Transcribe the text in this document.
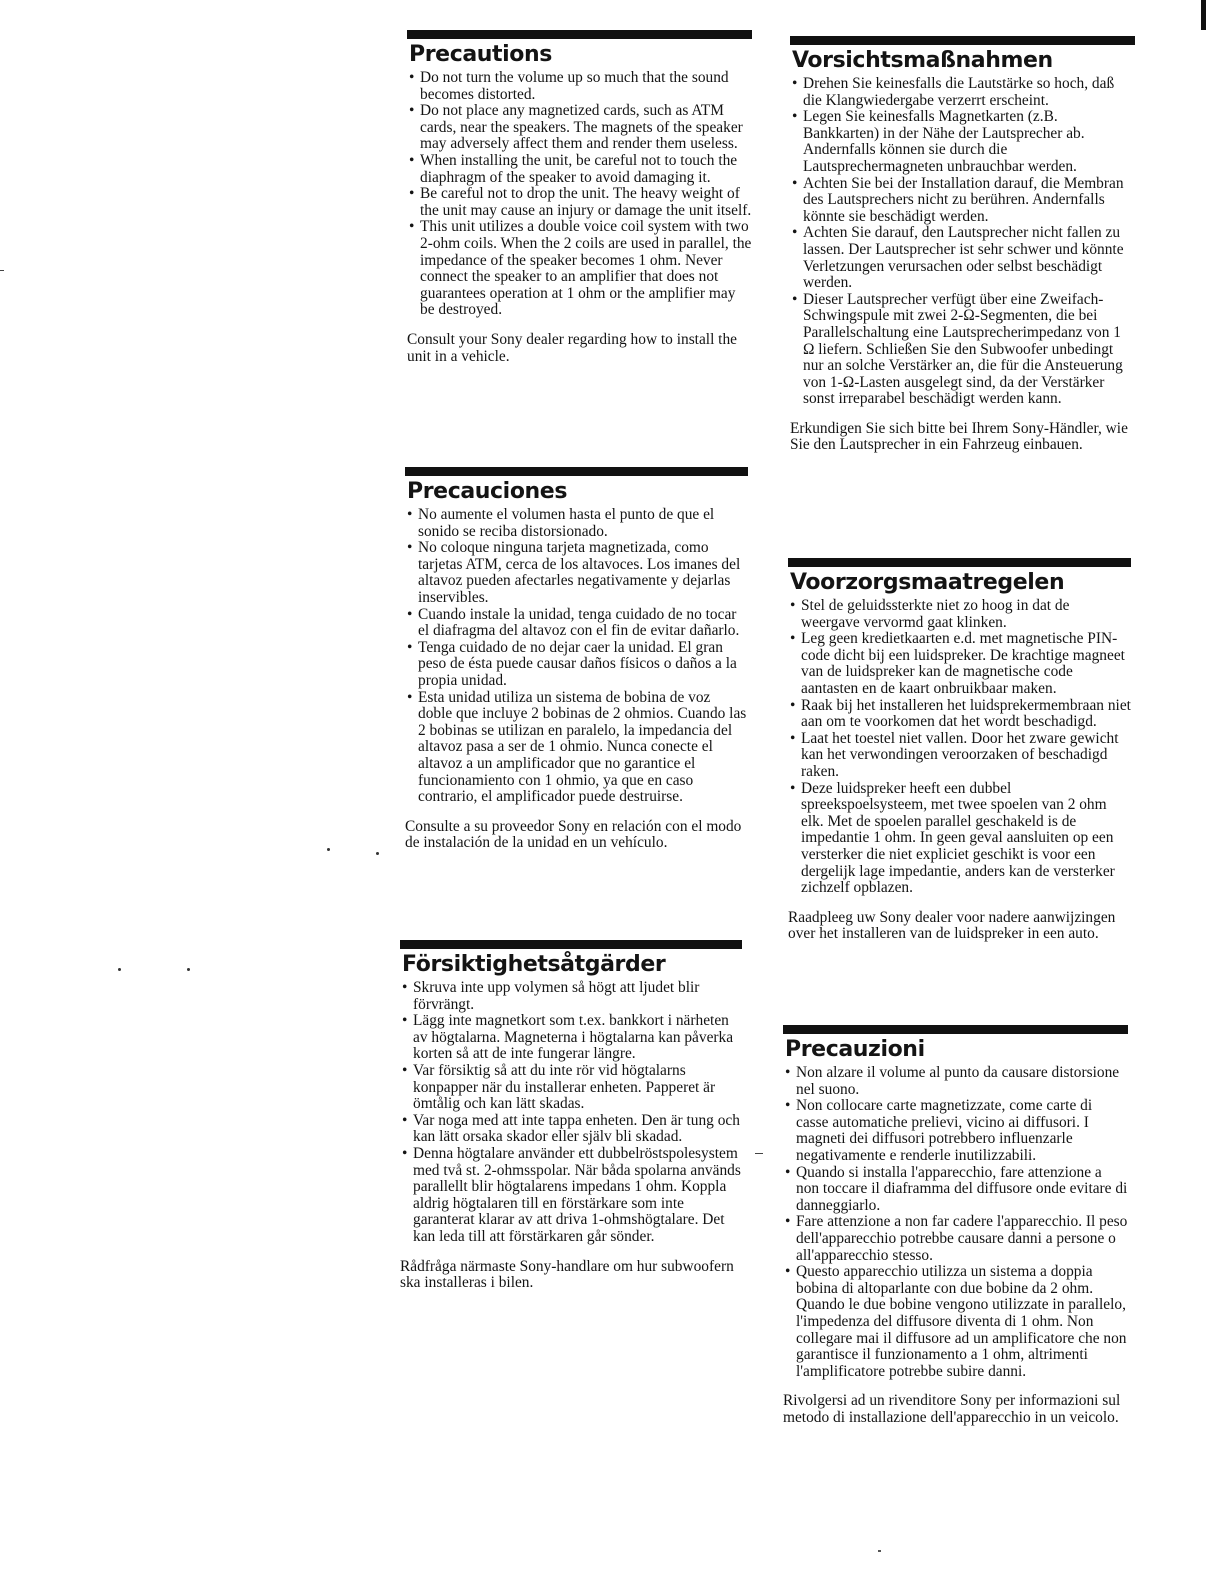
Precautions
• Do not turn the volume up so much that the sound becomes distorted.
• Do not place any magnetized cards, such as ATM cards, near the speakers. The magnets of the speaker may adversely affect them and render them useless.
• When installing the unit, be careful not to touch the diaphragm of the speaker to avoid damaging it.
• Be careful not to drop the unit. The heavy weight of the unit may cause an injury or damage the unit itself.
• This unit utilizes a double voice coil system with two 2-ohm coils. When the 2 coils are used in parallel, the impedance of the speaker becomes 1 ohm. Never connect the speaker to an amplifier that does not guarantees operation at 1 ohm or the amplifier may be destroyed.

Consult your Sony dealer regarding how to install the unit in a vehicle.

Precauciones
• No aumente el volumen hasta el punto de que el sonido se reciba distorsionado.
• No coloque ninguna tarjeta magnetizada, como tarjetas ATM, cerca de los altavoces. Los imanes del altavoz pueden afectarles negativamente y dejarlas inservibles.
• Cuando instale la unidad, tenga cuidado de no tocar el diafragma del altavoz con el fin de evitar dañarlo.
• Tenga cuidado de no dejar caer la unidad. El gran peso de ésta puede causar daños físicos o daños a la propia unidad.
• Esta unidad utiliza un sistema de bobina de voz doble que incluye 2 bobinas de 2 ohmios. Cuando las 2 bobinas se utilizan en paralelo, la impedancia del altavoz pasa a ser de 1 ohmio. Nunca conecte el altavoz a un amplificador que no garantice el funcionamiento con 1 ohmio, ya que en caso contrario, el amplificador puede destruirse.

Consulte a su proveedor Sony en relación con el modo de instalación de la unidad en un vehículo.

Försiktighetsåtgärder
• Skruva inte upp volymen så högt att ljudet blir förvrängt.
• Lägg inte magnetkort som t.ex. bankkort i närheten av högtalarna. Magneterna i högtalarna kan påverka korten så att de inte fungerar längre.
• Var försiktig så att du inte rör vid högtalarns konpapper när du installerar enheten. Papperet är ömtålig och kan lätt skadas.
• Var noga med att inte tappa enheten. Den är tung och kan lätt orsaka skador eller själv bli skadad.
• Denna högtalare använder ett dubbelröstspolesystem med två st. 2-ohmsspolar. När båda spolarna används parallellt blir högtalarens impedans 1 ohm. Koppla aldrig högtalaren till en förstärkare som inte garanterat klarar av att driva 1-ohmshögtalare. Det kan leda till att förstärkaren går sönder.

Rådfråga närmaste Sony-handlare om hur subwoofern ska installeras i bilen.

Vorsichtsmaßnahmen
• Drehen Sie keinesfalls die Lautstärke so hoch, daß die Klangwiedergabe verzerrt erscheint.
• Legen Sie keinesfalls Magnetkarten (z.B. Bankkarten) in der Nähe der Lautsprecher ab. Andernfalls können sie durch die Lautsprechermagneten unbrauchbar werden.
• Achten Sie bei der Installation darauf, die Membran des Lautsprechers nicht zu berühren. Andernfalls könnte sie beschädigt werden.
• Achten Sie darauf, den Lautsprecher nicht fallen zu lassen. Der Lautsprecher ist sehr schwer und könnte Verletzungen verursachen oder selbst beschädigt werden.
• Dieser Lautsprecher verfügt über eine Zweifach-Schwingspule mit zwei 2-Ω-Segmenten, die bei Parallelschaltung eine Lautsprecherimpedanz von 1 Ω liefern. Schließen Sie den Subwoofer unbedingt nur an solche Verstärker an, die für die Ansteuerung von 1-Ω-Lasten ausgelegt sind, da der Verstärker sonst irreparabel beschädigt werden kann.

Erkundigen Sie sich bitte bei Ihrem Sony-Händler, wie Sie den Lautsprecher in ein Fahrzeug einbauen.

Voorzorgsmaatregelen
• Stel de geluidssterkte niet zo hoog in dat de weergave vervormd gaat klinken.
• Leg geen kredietkaarten e.d. met magnetische PIN-code dicht bij een luidspreker. De krachtige magneet van de luidspreker kan de magnetische code aantasten en de kaart onbruikbaar maken.
• Raak bij het installeren het luidsprekermembraan niet aan om te voorkomen dat het wordt beschadigd.
• Laat het toestel niet vallen. Door het zware gewicht kan het verwondingen veroorzaken of beschadigd raken.
• Deze luidspreker heeft een dubbel spreekspoelsysteem, met twee spoelen van 2 ohm elk. Met de spoelen parallel geschakeld is de impedantie 1 ohm. In geen geval aansluiten op een versterker die niet expliciet geschikt is voor een dergelijk lage impedantie, anders kan de versterker zichzelf opblazen.

Raadpleeg uw Sony dealer voor nadere aanwijzingen over het installeren van de luidspreker in een auto.

Precauzioni
• Non alzare il volume al punto da causare distorsione nel suono.
• Non collocare carte magnetizzate, come carte di casse automatiche prelievi, vicino ai diffusori. I magneti dei diffusori potrebbero influenzarle negativamente e renderle inutilizzabili.
• Quando si installa l'apparecchio, fare attenzione a non toccare il diaframma del diffusore onde evitare di danneggiarlo.
• Fare attenzione a non far cadere l'apparecchio. Il peso dell'apparecchio potrebbe causare danni a persone o all'apparecchio stesso.
• Questo apparecchio utilizza un sistema a doppia bobina di altoparlante con due bobine da 2 ohm. Quando le due bobine vengono utilizzate in parallelo, l'impedenza del diffusore diventa di 1 ohm. Non collegare mai il diffusore ad un amplificatore che non garantisce il funzionamento a 1 ohm, altrimenti l'amplificatore potrebbe subire danni.

Rivolgersi ad un rivenditore Sony per informazioni sul metodo di installazione dell'apparecchio in un veicolo.
